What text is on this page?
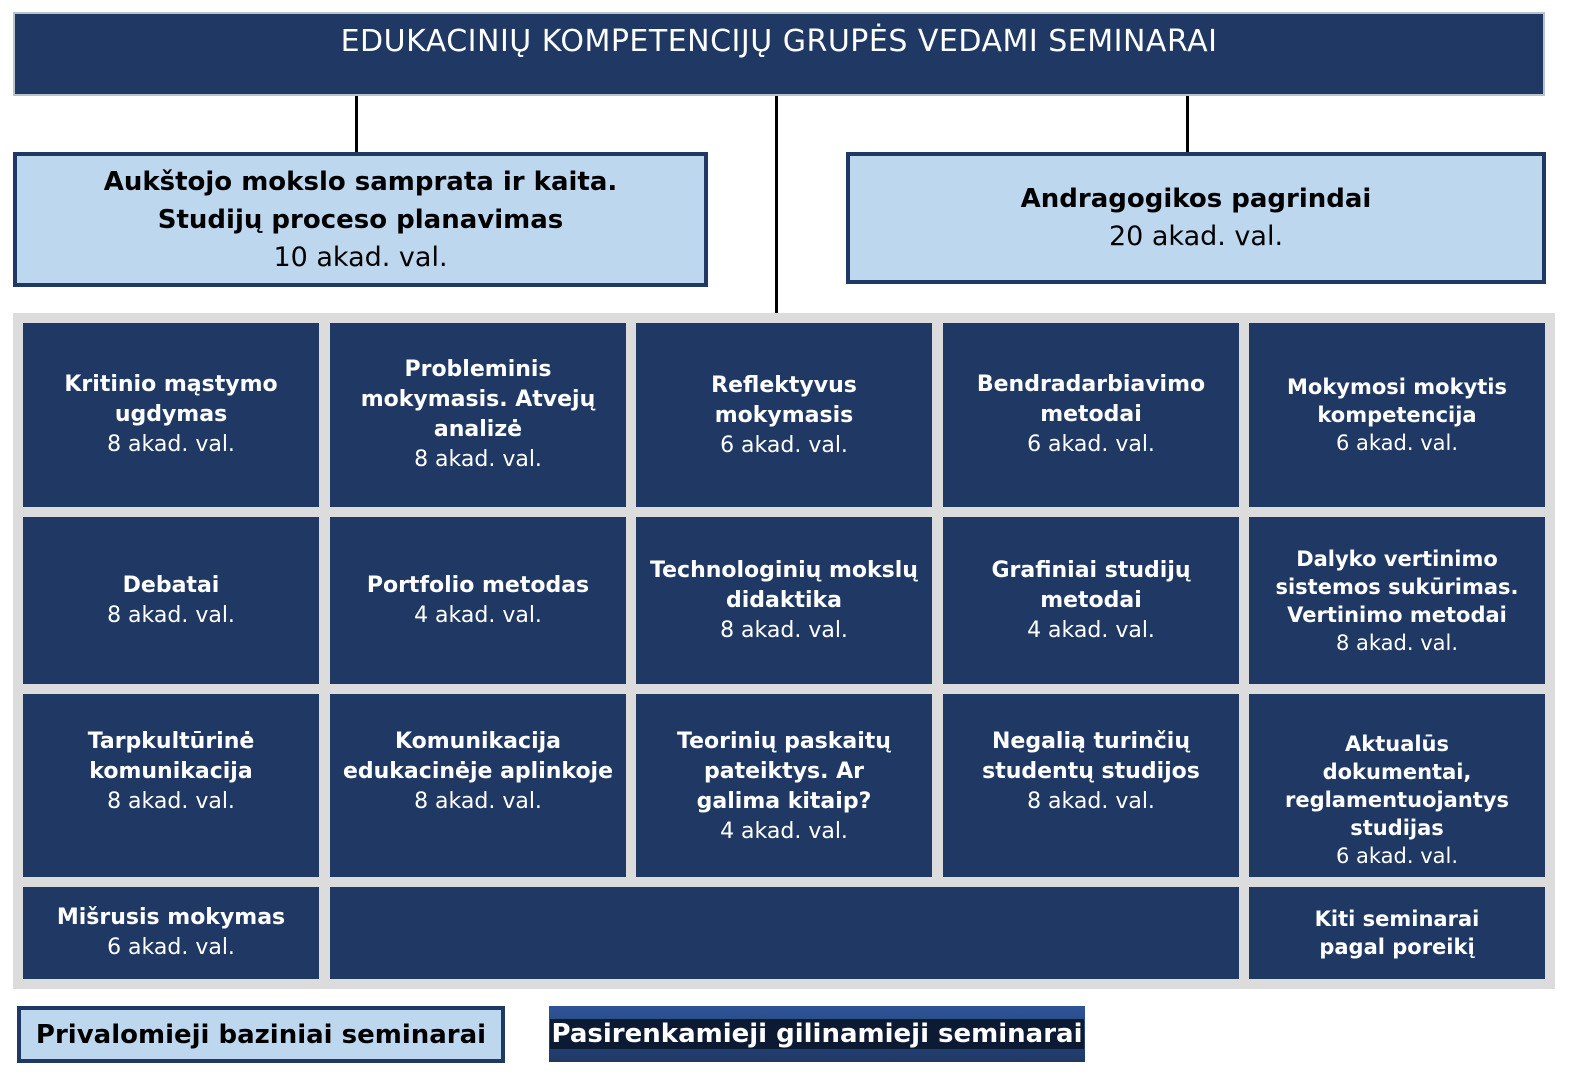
EDUKACINIŲ KOMPETENCIJŲ GRUPĖS VEDAMI SEMINARAI
Aukštojo mokslo samprata ir kaita. Studijų proceso planavimas
10 akad. val.
Andragogikos pagrindai
20 akad. val.
Kritinio mąstymo ugdymas
8 akad. val.
Probleminis mokymasis. Atvejų analizė
8 akad. val.
Reflektyvus mokymasis
6 akad. val.
Bendradarbiavimo metodai
6 akad. val.
Mokymosi mokytis kompetencija
6 akad. val.
Debatai
8 akad. val.
Portfolio metodas
4 akad. val.
Technologinių mokslų didaktika
8 akad. val.
Grafiniai studijų metodai
4 akad. val.
Dalyko vertinimo sistemos sukūrimas. Vertinimo metodai
8 akad. val.
Tarpkultūrinė komunikacija
8 akad. val.
Komunikacija edukacinėje aplinkoje
8 akad. val.
Teorinių paskaitų pateiktys. Ar galima kitaip?
4 akad. val.
Negalią turinčių studentų studijos
8 akad. val.
Aktualūs dokumentai, reglamentuojantys studijas
6 akad. val.
Mišrusis mokymas
6 akad. val.
Kiti seminarai pagal poreikį
Privalomieji baziniai seminarai	Pasirenkamieji gilinamieji seminarai
